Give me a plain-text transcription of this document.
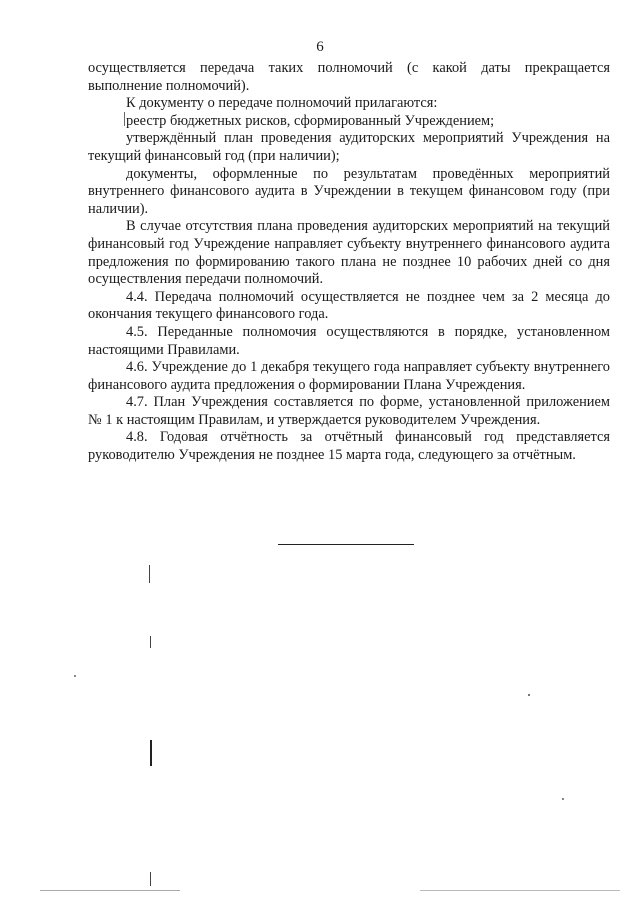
6

осуществляется передача таких полномочий (с какой даты прекращается выполнение полномочий).

К документу о передаче полномочий прилагаются:

реестр бюджетных рисков, сформированный Учреждением;

утверждённый план проведения аудиторских мероприятий Учреждения на текущий финансовый год (при наличии);

документы, оформленные по результатам проведённых мероприятий внутреннего финансового аудита в Учреждении в текущем финансовом году (при наличии).

В случае отсутствия плана проведения аудиторских мероприятий на текущий финансовый год Учреждение направляет субъекту внутреннего финансового аудита предложения по формированию такого плана не позднее 10 рабочих дней со дня осуществления передачи полномочий.

4.4. Передача полномочий осуществляется не позднее чем за 2 месяца до окончания текущего финансового года.

4.5. Переданные полномочия осуществляются в порядке, установленном настоящими Правилами.

4.6. Учреждение до 1 декабря текущего года направляет субъекту внутреннего финансового аудита предложения о формировании Плана Учреждения.

4.7. План Учреждения составляется по форме, установленной приложением № 1 к настоящим Правилам, и утверждается руководителем Учреждения.

4.8. Годовая отчётность за отчётный финансовый год представляется руководителю Учреждения не позднее 15 марта года, следующего за отчётным.
